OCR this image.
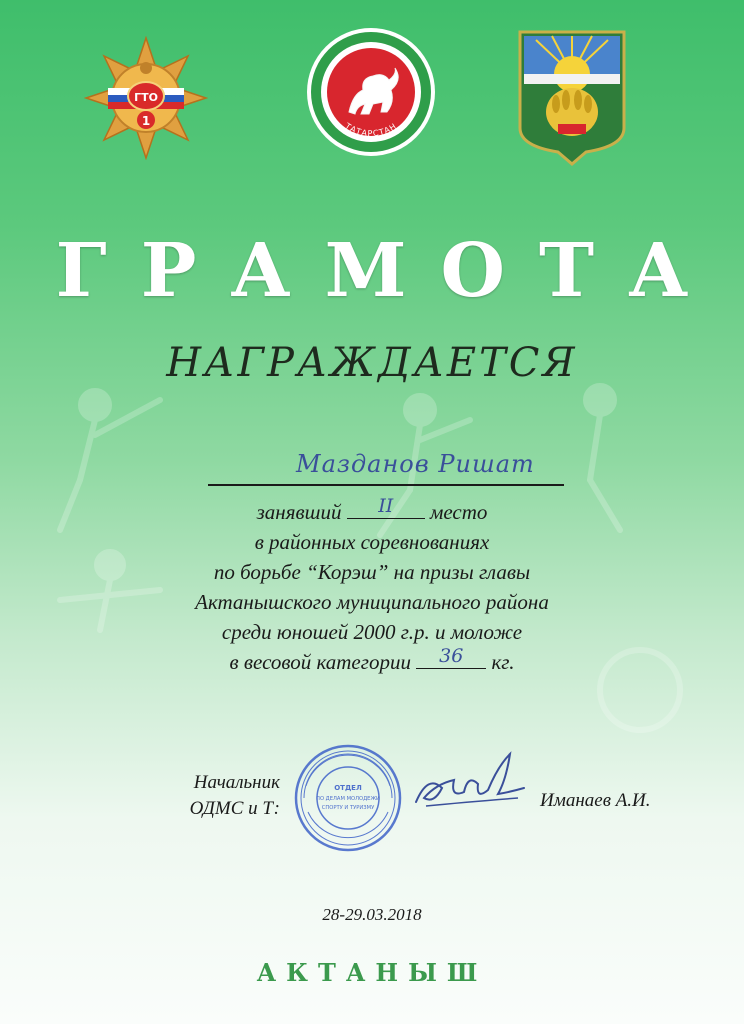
ГТО
1	ТАТАРСТАН
ГРАМОТА
НАГРАЖДАЕТСЯ
Мазданов Ришат
занявший	II	место
в районных соревнованиях
по борьбе “Корэш” на призы главы
Актанышского муниципального района
среди юношей 2000 г.р. и моложе
в весовой категории	36	кг.
Начальник
ОДМС и Т:
ОТДЕЛ
ПО ДЕЛАМ МОЛОДЕЖИ
СПОРТУ И ТУРИЗМУ	Иманаев А.И.
28-29.03.2018
АКТАНЫШ
